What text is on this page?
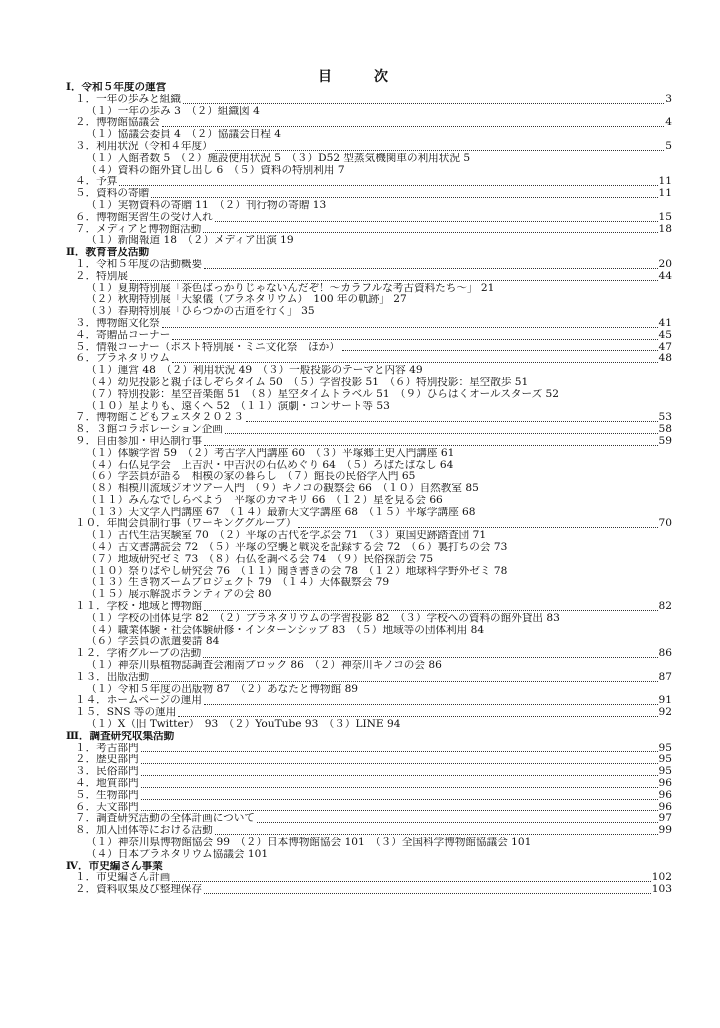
目　次
Ⅰ．令和５年度の運営
１．一年の歩みと組織	3
（１）一年の歩み 3　（２）組織図 4
２．博物館協議会	4
（１）協議会委員 4　（２）協議会日程 4
３．利用状況（令和４年度）	5
（１）入館者数 5　（２）施設使用状況 5　（３）D52 型蒸気機関車の利用状況 5
（４）資料の館外貸し出し 6　（５）資料の特別利用 7
４．予算	11
５．資料の寄贈	11
（１）実物資料の寄贈 11　（２）刊行物の寄贈 13
６．博物館実習生の受け入れ	15
７．メディアと博物館活動	18
（１）新聞報道 18　（２）メディア出演 19
Ⅱ．教育普及活動
１．令和５年度の活動概要	20
２．特別展	44
（１）夏期特別展「茶色ばっかりじゃないんだぞ！～カラフルな考古資料たち～」 21
（２）秋期特別展「天象儀（プラネタリウム）　100 年の軌跡」 27
（３）春期特別展「ひらつかの古道を行く」 35
３．博物館文化祭	41
４．寄贈品コーナー	45
５．情報コーナー（ポスト特別展・ミニ文化祭　ほか）	47
６．プラネタリウム	48
（１）運営 48　（２）利用状況 49　（３）一般投影のテーマと内容 49
（４）幼児投影と親子ほしぞらタイム 50　（５）学習投影 51　（６）特別投影：星空散歩 51
（７）特別投影：星空音楽館 51　（８）星空タイムトラベル 51　（９）ひらはくオールスターズ 52
（１０）星よりも、遠くへ 52　（１１）演劇・コンサート等 53
７．博物館こどもフェスタ２０２３	53
８．３館コラボレーション企画	58
９．自由参加・申込制行事	59
（１）体験学習 59　（２）考古学入門講座 60　（３）平塚郷土史入門講座 61
（４）石仏見学会　上吉沢・中吉沢の石仏めぐり 64　（５）ろばたばなし 64
（６）学芸員が語る　相模の家の暮らし　（７）館長の民俗学入門 65
（８）相模川流域ジオツアー入門　（９）キノコの観察会 66　（１０）自然教室 85
（１１）みんなでしらべよう　平塚のカマキリ 66　（１２）星を見る会 66
（１３）天文学入門講座 67　（１４）最新天文学講座 68　（１５）平塚学講座 68
１０．年間会員制行事（ワーキンググループ）	70
（１）古代生活実験室 70　（２）平塚の古代を学ぶ会 71　（３）東国史跡踏査団 71
（４）古文書講読会 72　（５）平塚の空襲と戦災を記録する会 72　（６）裏打ちの会 73
（７）地域研究ゼミ 73　（８）石仏を調べる会 74　（９）民俗探訪会 75
（１０）祭りばやし研究会 76　（１１）聞き書きの会 78　（１２）地球科学野外ゼミ 78
（１３）生き物ズームプロジェクト 79　（１４）天体観察会 79
（１５）展示解説ボランティアの会 80
１１．学校・地域と博物館	82
（１）学校の団体見学 82　（２）プラネタリウムの学習投影 82　（３）学校への資料の館外貸出 83
（４）職業体験・社会体験研修・インターンシップ 83　（５）地域等の団体利用 84
（６）学芸員の派遣要請 84
１２．学術グループの活動	86
（１）神奈川県植物誌調査会湘南ブロック 86　（２）神奈川キノコの会 86
１３．出版活動	87
（１）令和５年度の出版物 87　（２）あなたと博物館 89
１４．ホームページの運用	91
１５．SNS 等の運用	92
（１）X（旧 Twitter）　93　（２）YouTube 93　（３）LINE 94
Ⅲ．調査研究収集活動
１．考古部門	95
２．歴史部門	95
３．民俗部門	95
４．地質部門	96
５．生物部門	96
６．天文部門	96
７．調査研究活動の全体計画について	97
８．加入団体等における活動	99
（１）神奈川県博物館協会 99　（２）日本博物館協会 101　（３）全国科学博物館協議会 101
（４）日本プラネタリウム協議会 101
Ⅳ．市史編さん事業
１．市史編さん計画	102
２．資料収集及び整理保存	103
